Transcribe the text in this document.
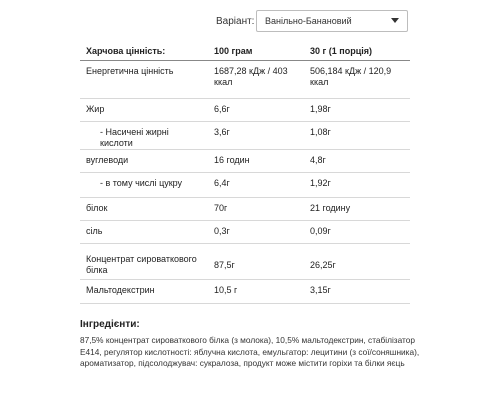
Варіант:	Ванільно-Банановий
Харчова цінність:	100 грам	30 г (1 порція)
Енергетична цінність	1687,28 кДж / 403 ккал	506,184 кДж / 120,9 ккал
Жир	6,6г	1,98г
- Насичені жирні кислоти	3,6г	1,08г
вуглеводи	16 годин	4,8г
- в тому числі цукру	6,4г	1,92г
білок	70г	21 годину
сіль	0,3г	0,09г
Концентрат сироваткового білка	87,5г	26,25г
Мальтодекстрин	10,5 г	3,15г
Інгредієнти:
87,5% концентрат сироваткового білка (з молока), 10,5% мальтодекстрин, стабілізатор Е414, регулятор кислотності: яблучна кислота, емульгатор: лецитини (з сої/соняшника), ароматизатор, підсолоджувач: сукралоза, продукт може містити горіхи та білки яєць
